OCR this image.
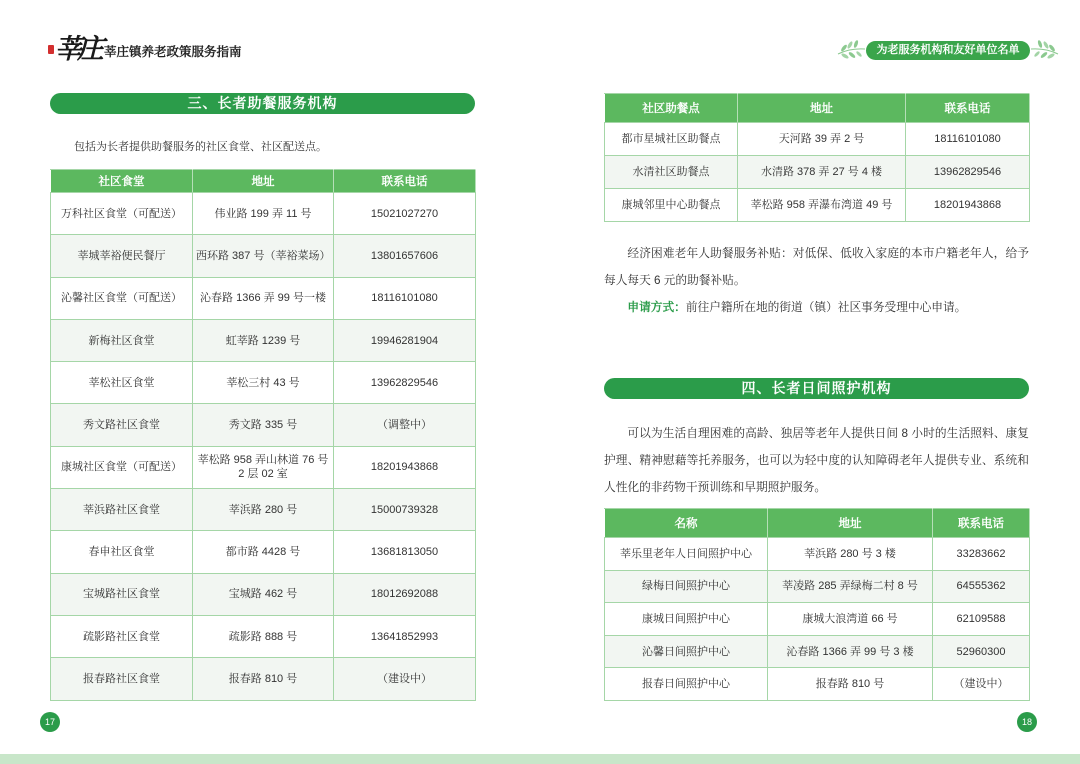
莘庄 莘庄镇养老政策服务指南	为老服务机构和友好单位名单
三、长者助餐服务机构

包括为长者提供助餐服务的社区食堂、社区配送点。

社区食堂	地址	联系电话
万科社区食堂（可配送）	伟业路 199 弄 11 号	15021027270
莘城莘裕便民餐厅	西环路 387 号（莘裕菜场）	13801657606
沁馨社区食堂（可配送）	沁春路 1366 弄 99 号一楼	18116101080
新梅社区食堂	虹莘路 1239 号	19946281904
莘松社区食堂	莘松三村 43 号	13962829546
秀文路社区食堂	秀文路 335 号	（调整中）
康城社区食堂（可配送）	莘松路 958 弄山林道 76 号 2 层 02 室	18201943868
莘浜路社区食堂	莘浜路 280 号	15000739328
春申社区食堂	都市路 4428 号	13681813050
宝城路社区食堂	宝城路 462 号	18012692088
疏影路社区食堂	疏影路 888 号	13641852993
报春路社区食堂	报春路 810 号	（建设中）
17
社区助餐点	地址	联系电话
都市星城社区助餐点	天河路 39 弄 2 号	18116101080
水清社区助餐点	水清路 378 弄 27 号 4 楼	13962829546
康城邻里中心助餐点	莘松路 958 弄瀑布湾道 49 号	18201943868

经济困难老年人助餐服务补贴：对低保、低收入家庭的本市户籍老年人，给予每人每天 6 元的助餐补贴。

申请方式：前往户籍所在地的街道（镇）社区事务受理中心申请。

四、长者日间照护机构

可以为生活自理困难的高龄、独居等老年人提供日间 8 小时的生活照料、康复护理、精神慰藉等托养服务，也可以为轻中度的认知障碍老年人提供专业、系统和人性化的非药物干预训练和早期照护服务。

名称	地址	联系电话
莘乐里老年人日间照护中心	莘浜路 280 号 3 楼	33283662
绿梅日间照护中心	莘凌路 285 弄绿梅二村 8 号	64555362
康城日间照护中心	康城大浪湾道 66 号	62109588
沁馨日间照护中心	沁春路 1366 弄 99 号 3 楼	52960300
报春日间照护中心	报春路 810 号	（建设中）
18
